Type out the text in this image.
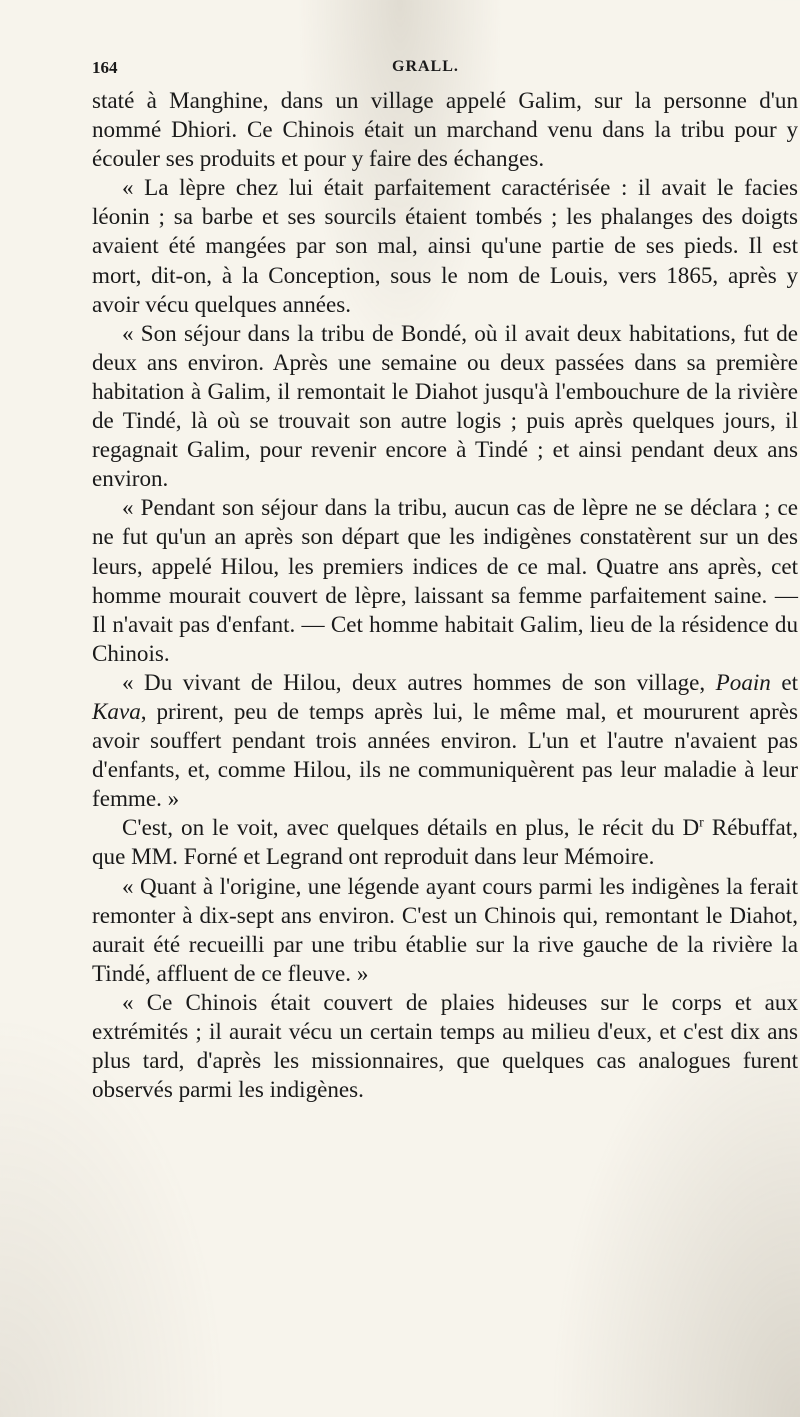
164	GRALL.

staté à Manghine, dans un village appelé Galim, sur la personne d'un nommé Dhiori. Ce Chinois était un marchand venu dans la tribu pour y écouler ses produits et pour y faire des échanges.

« La lèpre chez lui était parfaitement caractérisée : il avait le facies léonin ; sa barbe et ses sourcils étaient tombés ; les phalanges des doigts avaient été mangées par son mal, ainsi qu'une partie de ses pieds. Il est mort, dit-on, à la Conception, sous le nom de Louis, vers 1865, après y avoir vécu quelques années.

« Son séjour dans la tribu de Bondé, où il avait deux habitations, fut de deux ans environ. Après une semaine ou deux passées dans sa première habitation à Galim, il remontait le Diahot jusqu'à l'embouchure de la rivière de Tindé, là où se trouvait son autre logis ; puis après quelques jours, il regagnait Galim, pour revenir encore à Tindé ; et ainsi pendant deux ans environ.

« Pendant son séjour dans la tribu, aucun cas de lèpre ne se déclara ; ce ne fut qu'un an après son départ que les indigènes constatèrent sur un des leurs, appelé Hilou, les premiers indices de ce mal. Quatre ans après, cet homme mourait couvert de lèpre, laissant sa femme parfaitement saine. — Il n'avait pas d'enfant. — Cet homme habitait Galim, lieu de la résidence du Chinois.

« Du vivant de Hilou, deux autres hommes de son village, Poain et Kava, prirent, peu de temps après lui, le même mal, et moururent après avoir souffert pendant trois années environ. L'un et l'autre n'avaient pas d'enfants, et, comme Hilou, ils ne communiquèrent pas leur maladie à leur femme. »

C'est, on le voit, avec quelques détails en plus, le récit du $D^r$ Rébuffat, que MM. Forné et Legrand ont reproduit dans leur Mémoire.

« Quant à l'origine, une légende ayant cours parmi les indigènes la ferait remonter à dix-sept ans environ. C'est un Chinois qui, remontant le Diahot, aurait été recueilli par une tribu établie sur la rive gauche de la rivière la Tindé, affluent de ce fleuve. »

« Ce Chinois était couvert de plaies hideuses sur le corps et aux extrémités ; il aurait vécu un certain temps au milieu d'eux, et c'est dix ans plus tard, d'après les missionnaires, que quelques cas analogues furent observés parmi les indigènes.
